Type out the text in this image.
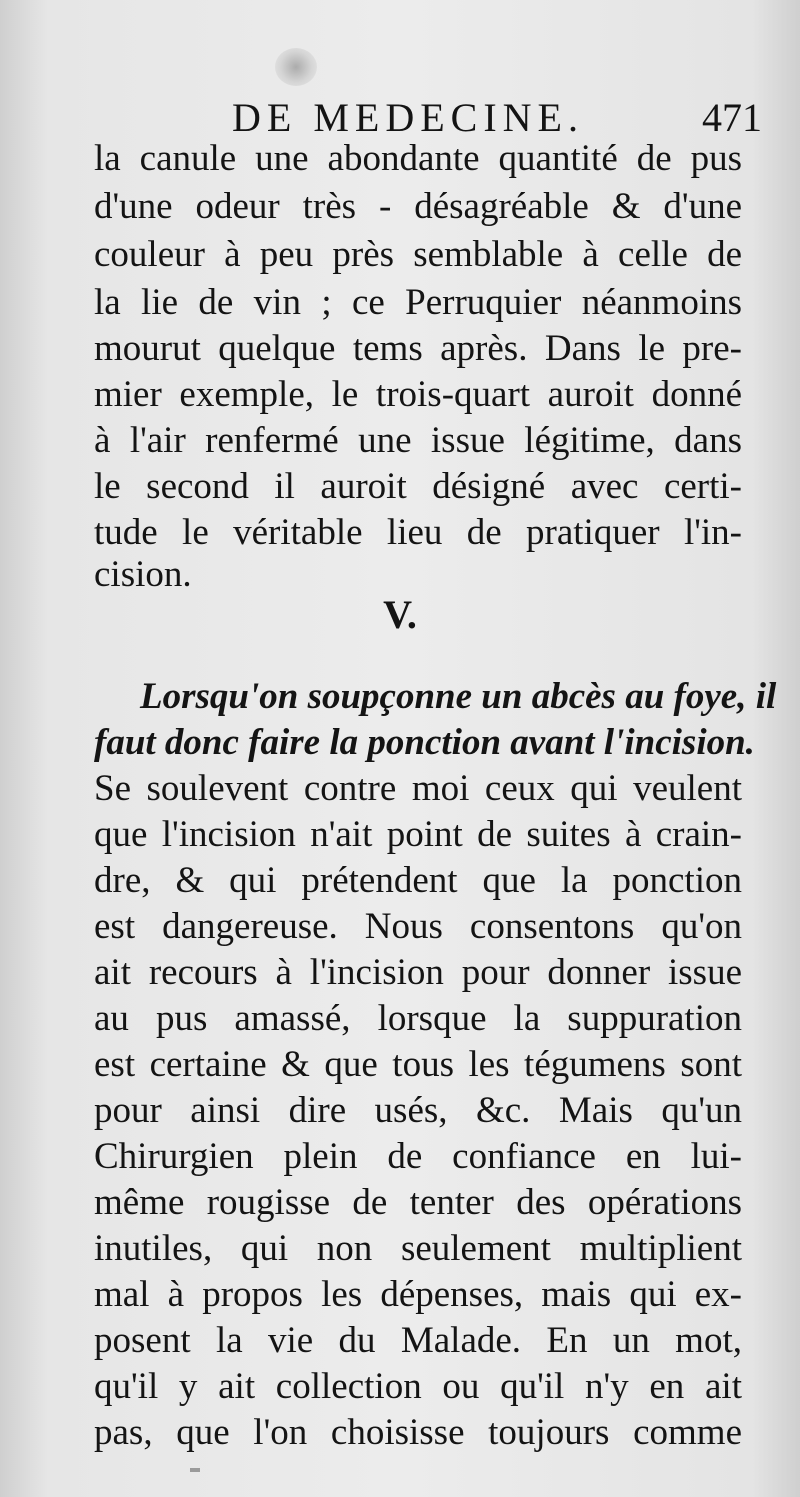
DE MEDECINE.	471
la canule une abondante quantité de pus
d'une odeur très - désagréable & d'une
couleur à peu près semblable à celle de
la lie de vin ; ce Perruquier néanmoins
mourut quelque tems après. Dans le pre-
mier exemple, le trois-quart auroit donné
à l'air renfermé une issue légitime, dans
le second il auroit désigné avec certi-
tude le véritable lieu de pratiquer l'in-
cision.
V.
Lorsqu'on soupçonne un abcès au foye, il
faut donc faire la ponction avant l'incision.
Se soulevent contre moi ceux qui veulent
que l'incision n'ait point de suites à crain-
dre, & qui prétendent que la ponction
est dangereuse. Nous consentons qu'on
ait recours à l'incision pour donner issue
au pus amassé, lorsque la suppuration
est certaine & que tous les tégumens sont
pour ainsi dire usés, &c. Mais qu'un
Chirurgien plein de confiance en lui-
même rougisse de tenter des opérations
inutiles, qui non seulement multiplient
mal à propos les dépenses, mais qui ex-
posent la vie du Malade. En un mot,
qu'il y ait collection ou qu'il n'y en ait
pas, que l'on choisisse toujours comme
